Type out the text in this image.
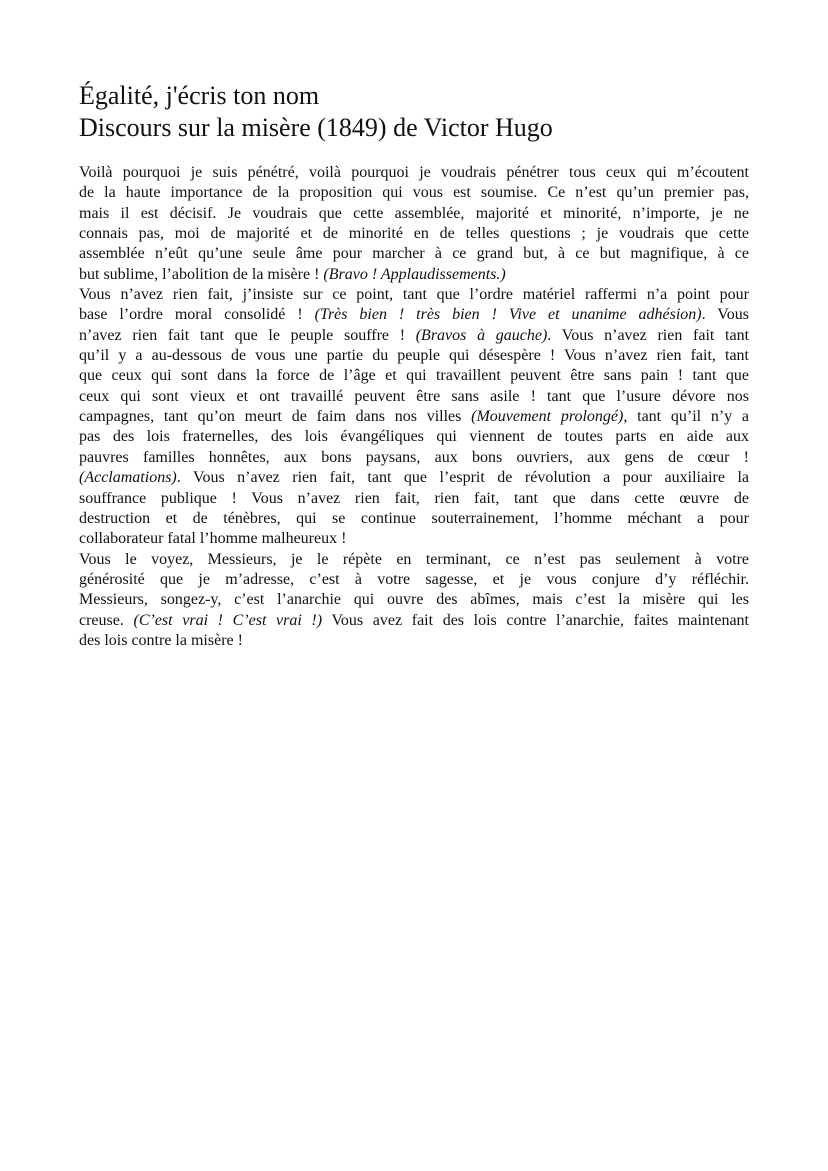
Égalité, j'écris ton nom
Discours sur la misère (1849) de Victor Hugo
Voilà pourquoi je suis pénétré, voilà pourquoi je voudrais pénétrer tous ceux qui m’écoutent
de la haute importance de la proposition qui vous est soumise. Ce n’est qu’un premier pas,
mais il est décisif. Je voudrais que cette assemblée, majorité et minorité, n’importe, je ne
connais pas, moi de majorité et de minorité en de telles questions ; je voudrais que cette
assemblée n’eût qu’une seule âme pour marcher à ce grand but, à ce but magnifique, à ce
but sublime, l’abolition de la misère ! (Bravo ! Applaudissements.)
Vous n’avez rien fait, j’insiste sur ce point, tant que l’ordre matériel raffermi n’a point pour
base l’ordre moral consolidé ! (Très bien ! très bien ! Vive et unanime adhésion). Vous
n’avez rien fait tant que le peuple souffre ! (Bravos à gauche). Vous n’avez rien fait tant
qu’il y a au-dessous de vous une partie du peuple qui désespère ! Vous n’avez rien fait, tant
que ceux qui sont dans la force de l’âge et qui travaillent peuvent être sans pain ! tant que
ceux qui sont vieux et ont travaillé peuvent être sans asile ! tant que l’usure dévore nos
campagnes, tant qu’on meurt de faim dans nos villes (Mouvement prolongé), tant qu’il n’y a
pas des lois fraternelles, des lois évangéliques qui viennent de toutes parts en aide aux
pauvres familles honnêtes, aux bons paysans, aux bons ouvriers, aux gens de cœur !
(Acclamations). Vous n’avez rien fait, tant que l’esprit de révolution a pour auxiliaire la
souffrance publique ! Vous n’avez rien fait, rien fait, tant que dans cette œuvre de
destruction et de ténèbres, qui se continue souterrainement, l’homme méchant a pour
collaborateur fatal l’homme malheureux !
Vous le voyez, Messieurs, je le répète en terminant, ce n’est pas seulement à votre
générosité que je m’adresse, c’est à votre sagesse, et je vous conjure d’y réfléchir.
Messieurs, songez-y, c’est l’anarchie qui ouvre des abîmes, mais c’est la misère qui les
creuse. (C’est vrai ! C’est vrai !) Vous avez fait des lois contre l’anarchie, faites maintenant
des lois contre la misère !
